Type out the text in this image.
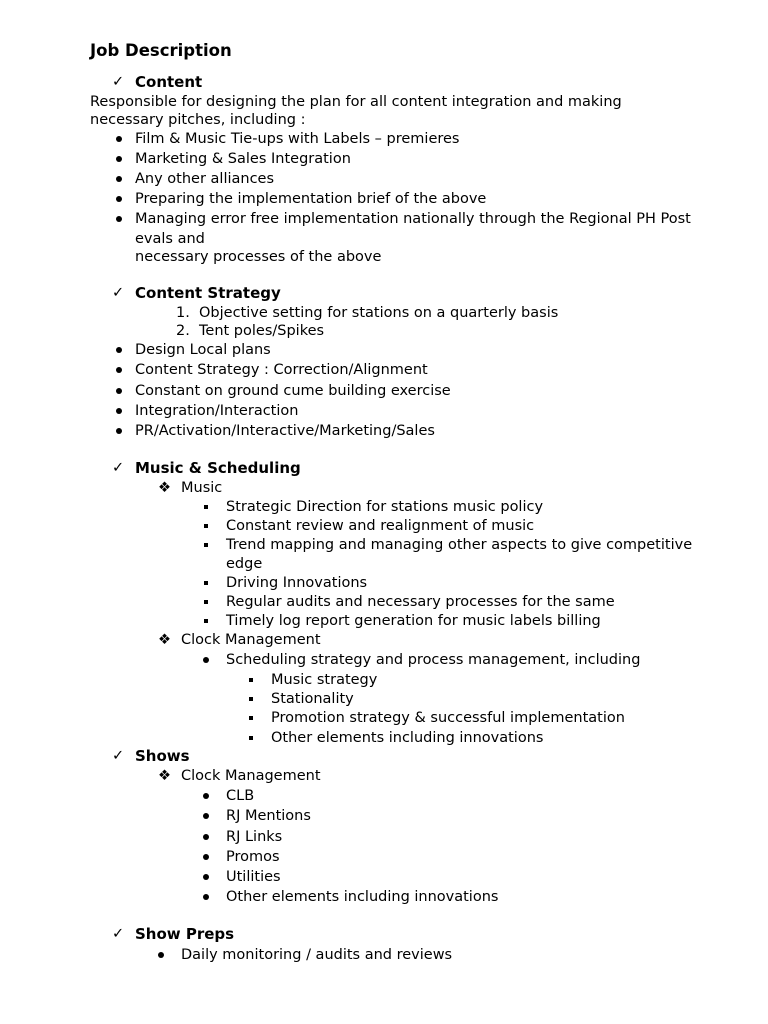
Job Description
✓ Content
Responsible for designing the plan for all content integration and making
necessary pitches, including :
Film & Music Tie-ups with Labels – premieres
Marketing & Sales Integration
Any other alliances
Preparing the implementation brief of the above
Managing error free implementation nationally through the Regional PH Post
evals and
necessary processes of the above
✓ Content Strategy
1. Objective setting for stations on a quarterly basis
2. Tent poles/Spikes
Design Local plans
Content Strategy : Correction/Alignment
Constant on ground cume building exercise
Integration/Interaction
PR/Activation/Interactive/Marketing/Sales
✓ Music & Scheduling
❖ Music
Strategic Direction for stations music policy
Constant review and realignment of music
Trend mapping and managing other aspects to give competitive
edge
Driving Innovations
Regular audits and necessary processes for the same
Timely log report generation for music labels billing
❖ Clock Management
Scheduling strategy and process management, including
Music strategy
Stationality
Promotion strategy & successful implementation
Other elements including innovations
✓ Shows
❖ Clock Management
CLB
RJ Mentions
RJ Links
Promos
Utilities
Other elements including innovations
✓ Show Preps
Daily monitoring / audits and reviews
